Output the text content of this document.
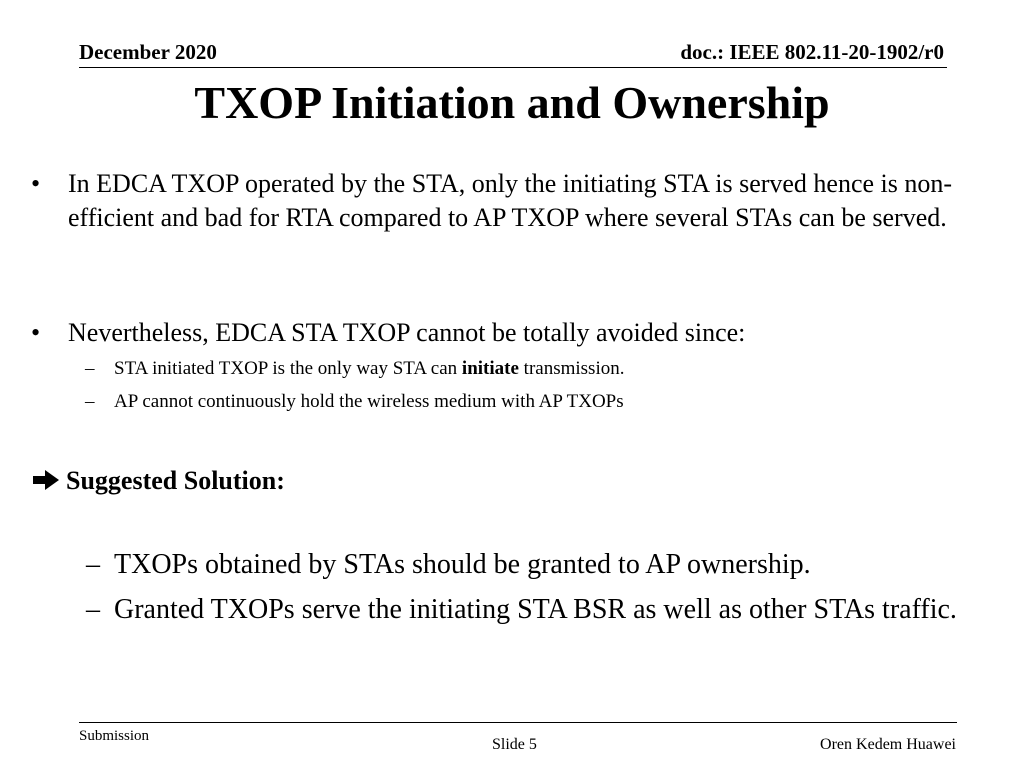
December 2020	doc.: IEEE 802.11-20-1902/r0
TXOP Initiation and Ownership
• In EDCA TXOP operated by the STA, only the initiating STA is served hence is non-efficient and bad for RTA compared to AP TXOP where several STAs can be served.
• Nevertheless, EDCA STA TXOP cannot be totally avoided since:
– STA initiated TXOP is the only way STA can initiate transmission.
– AP cannot continuously hold the wireless medium with AP TXOPs
Suggested Solution:
– TXOPs obtained by STAs should be granted to AP ownership.
– Granted TXOPs serve the initiating STA BSR as well as other STAs traffic.
Submission	Slide 5	Oren Kedem Huawei
